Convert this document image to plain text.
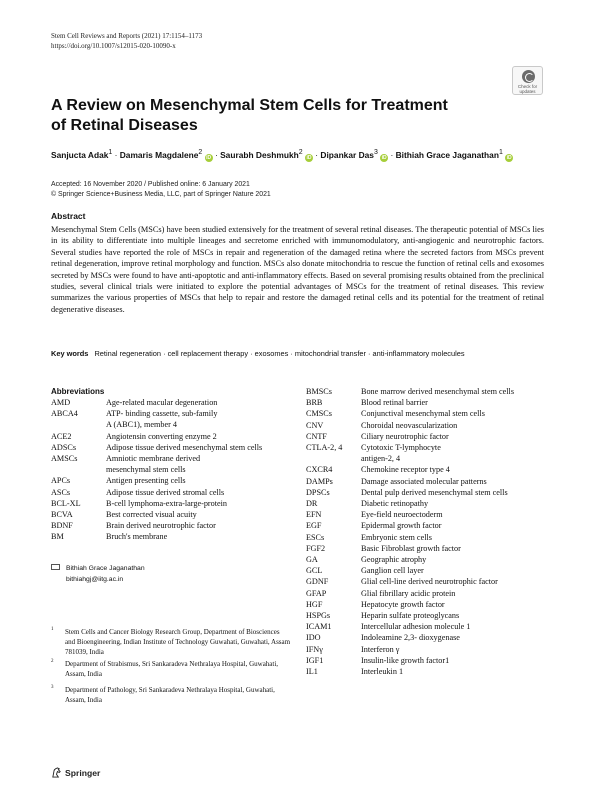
Stem Cell Reviews and Reports (2021) 17:1154–1173
https://doi.org/10.1007/s12015-020-10090-x
Check for
updates
A Review on Mesenchymal Stem Cells for Treatment
of Retinal Diseases
Sanjucta Adak$^1$ · Damaris Magdalene$^2$ iD · Saurabh Deshmukh$^2$ iD · Dipankar Das$^3$ iD · Bithiah Grace Jaganathan$^1$ iD
Accepted: 16 November 2020 / Published online: 6 January 2021
© Springer Science+Business Media, LLC, part of Springer Nature 2021
Abstract
Mesenchymal Stem Cells (MSCs) have been studied extensively for the treatment of several retinal diseases. The therapeutic potential of MSCs lies in its ability to differentiate into multiple lineages and secretome enriched with immunomodulatory, anti-angiogenic and neurotrophic factors. Several studies have reported the role of MSCs in repair and regeneration of the damaged retina where the secreted factors from MSCs prevent retinal degeneration, improve retinal morphology and function. MSCs also donate mitochondria to rescue the function of retinal cells and exosomes secreted by MSCs were found to have anti-apoptotic and anti-inflammatory effects. Based on several promising results obtained from the preclinical studies, several clinical trials were initiated to explore the potential advantages of MSCs for the treatment of retinal diseases. This review summarizes the various properties of MSCs that help to repair and restore the damaged retinal cells and its potential for the treatment of retinal degenerative diseases.
Key words Retinal regeneration · cell replacement therapy · exosomes · mitochondrial transfer · anti-inflammatory molecules
Abbreviations
AMD	Age-related macular degeneration
ABCA4	ATP- binding cassette, sub-family
A (ABC1), member 4
ACE2	Angiotensin converting enzyme 2
ADSCs	Adipose tissue derived mesenchymal stem cells
AMSCs	Amniotic membrane derived
mesenchymal stem cells
APCs	Antigen presenting cells
ASCs	Adipose tissue derived stromal cells
BCL-XL	B-cell lymphoma-extra-large-protein
BCVA	Best corrected visual acuity
BDNF	Brain derived neurotrophic factor
BM	Bruch's membrane
BMSCs	Bone marrow derived mesenchymal stem cells
BRB	Blood retinal barrier
CMSCs	Conjunctival mesenchymal stem cells
CNV	Choroidal neovascularization
CNTF	Ciliary neurotrophic factor
CTLA-2, 4	Cytotoxic T-lymphocyte
antigen-2, 4
CXCR4	Chemokine receptor type 4
DAMPs	Damage associated molecular patterns
DPSCs	Dental pulp derived mesenchymal stem cells
DR	Diabetic retinopathy
EFN	Eye-field neuroectoderm
EGF	Epidermal growth factor
ESCs	Embryonic stem cells
FGF2	Basic Fibroblast growth factor
GA	Geographic atrophy
GCL	Ganglion cell layer
GDNF	Glial cell-line derived neurotrophic factor
GFAP	Glial fibrillary acidic protein
HGF	Hepatocyte growth factor
HSPGs	Heparin sulfate proteoglycans
ICAM1	Intercellular adhesion molecule 1
IDO	Indoleamine 2,3- dioxygenase
IFNγ	Interferon γ
IGF1	Insulin-like growth factor1
IL1	Interleukin 1
Bithiah Grace Jaganathan
bithiahgj@iitg.ac.in
1 Stem Cells and Cancer Biology Research Group, Department of Biosciences and Bioengineering, Indian Institute of Technology Guwahati, Guwahati, Assam 781039, India
2 Department of Strabismus, Sri Sankaradeva Nethralaya Hospital, Guwahati, Assam, India
3 Department of Pathology, Sri Sankaradeva Nethralaya Hospital, Guwahati, Assam, India
Springer
